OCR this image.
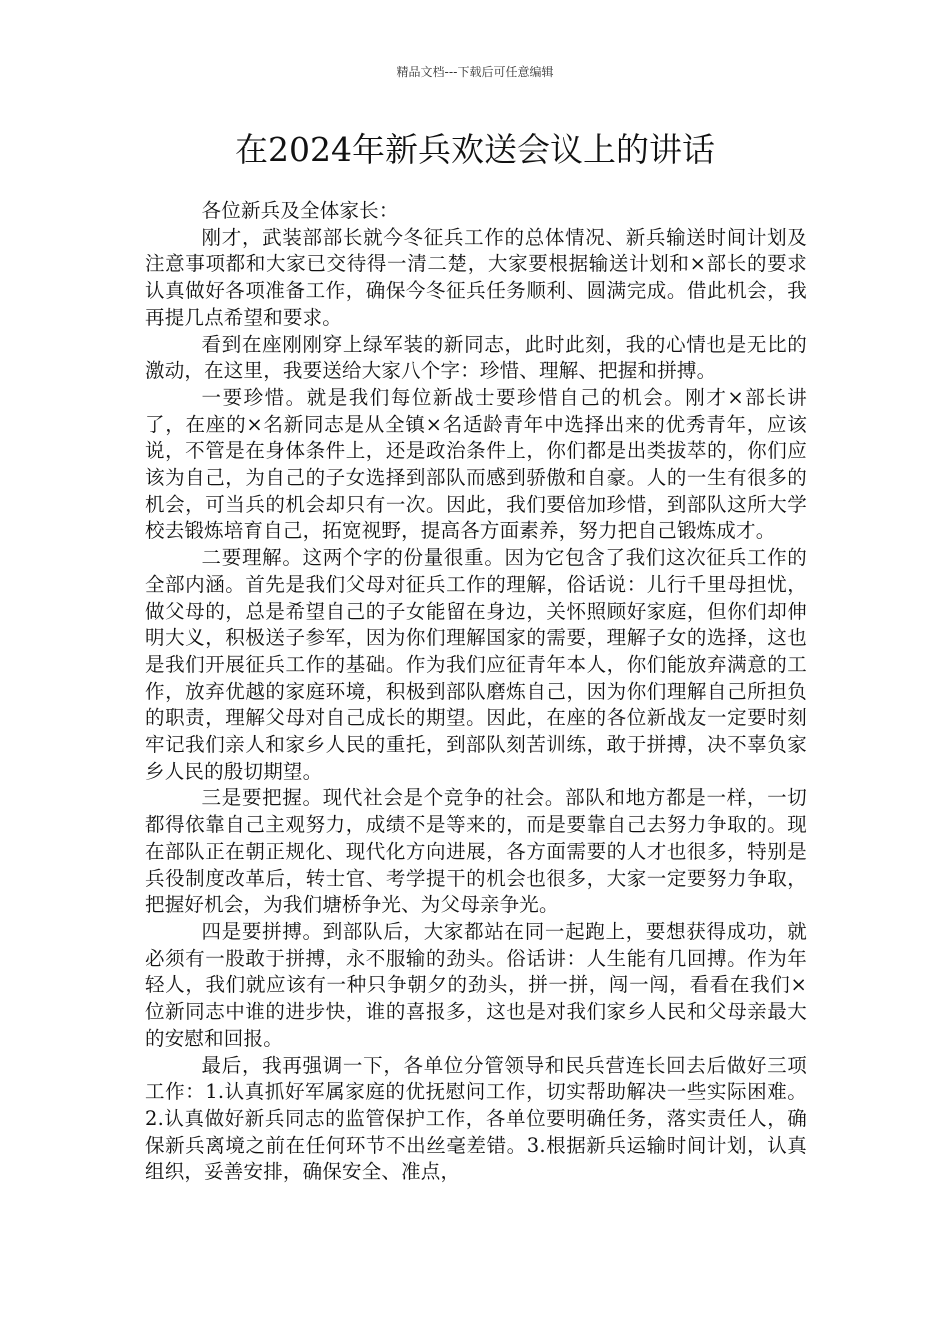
精品文档---下载后可任意编辑
在2024年新兵欢送会议上的讲话

各位新兵及全体家长：

刚才，武装部部长就今冬征兵工作的总体情况、新兵输送时间计划及注意事项都和大家已交待得一清二楚，大家要根据输送计划和×部长的要求认真做好各项准备工作，确保今冬征兵任务顺利、圆满完成。借此机会，我再提几点希望和要求。

看到在座刚刚穿上绿军装的新同志，此时此刻，我的心情也是无比的激动，在这里，我要送给大家八个字：珍惜、理解、把握和拼搏。

一要珍惜。就是我们每位新战士要珍惜自己的机会。刚才×部长讲了，在座的×名新同志是从全镇×名适龄青年中选择出来的优秀青年，应该说，不管是在身体条件上，还是政治条件上，你们都是出类拔萃的，你们应该为自己，为自己的子女选择到部队而感到骄傲和自豪。人的一生有很多的机会，可当兵的机会却只有一次。因此，我们要倍加珍惜，到部队这所大学校去锻炼培育自己，拓宽视野，提高各方面素养，努力把自己锻炼成才。

二要理解。这两个字的份量很重。因为它包含了我们这次征兵工作的全部内涵。首先是我们父母对征兵工作的理解，俗话说：儿行千里母担忧，做父母的，总是希望自己的子女能留在身边，关怀照顾好家庭，但你们却伸明大义，积极送子参军，因为你们理解国家的需要，理解子女的选择，这也是我们开展征兵工作的基础。作为我们应征青年本人，你们能放弃满意的工作，放弃优越的家庭环境，积极到部队磨炼自己，因为你们理解自己所担负的职责，理解父母对自己成长的期望。因此，在座的各位新战友一定要时刻牢记我们亲人和家乡人民的重托，到部队刻苦训练，敢于拼搏，决不辜负家乡人民的殷切期望。

三是要把握。现代社会是个竞争的社会。部队和地方都是一样，一切都得依靠自己主观努力，成绩不是等来的，而是要靠自己去努力争取的。现在部队正在朝正规化、现代化方向进展，各方面需要的人才也很多，特别是兵役制度改革后，转士官、考学提干的机会也很多，大家一定要努力争取，把握好机会，为我们塘桥争光、为父母亲争光。

四是要拼搏。到部队后，大家都站在同一起跑上，要想获得成功，就必须有一股敢于拼搏，永不服输的劲头。俗话讲：人生能有几回搏。作为年轻人，我们就应该有一种只争朝夕的劲头，拼一拼，闯一闯，看看在我们×位新同志中谁的进步快，谁的喜报多，这也是对我们家乡人民和父母亲最大的安慰和回报。

最后，我再强调一下，各单位分管领导和民兵营连长回去后做好三项工作：1.认真抓好军属家庭的优抚慰问工作，切实帮助解决一些实际困难。2.认真做好新兵同志的监管保护工作，各单位要明确任务，落实责任人，确保新兵离境之前在任何环节不出丝毫差错。3.根据新兵运输时间计划，认真组织，妥善安排，确保安全、准点，
